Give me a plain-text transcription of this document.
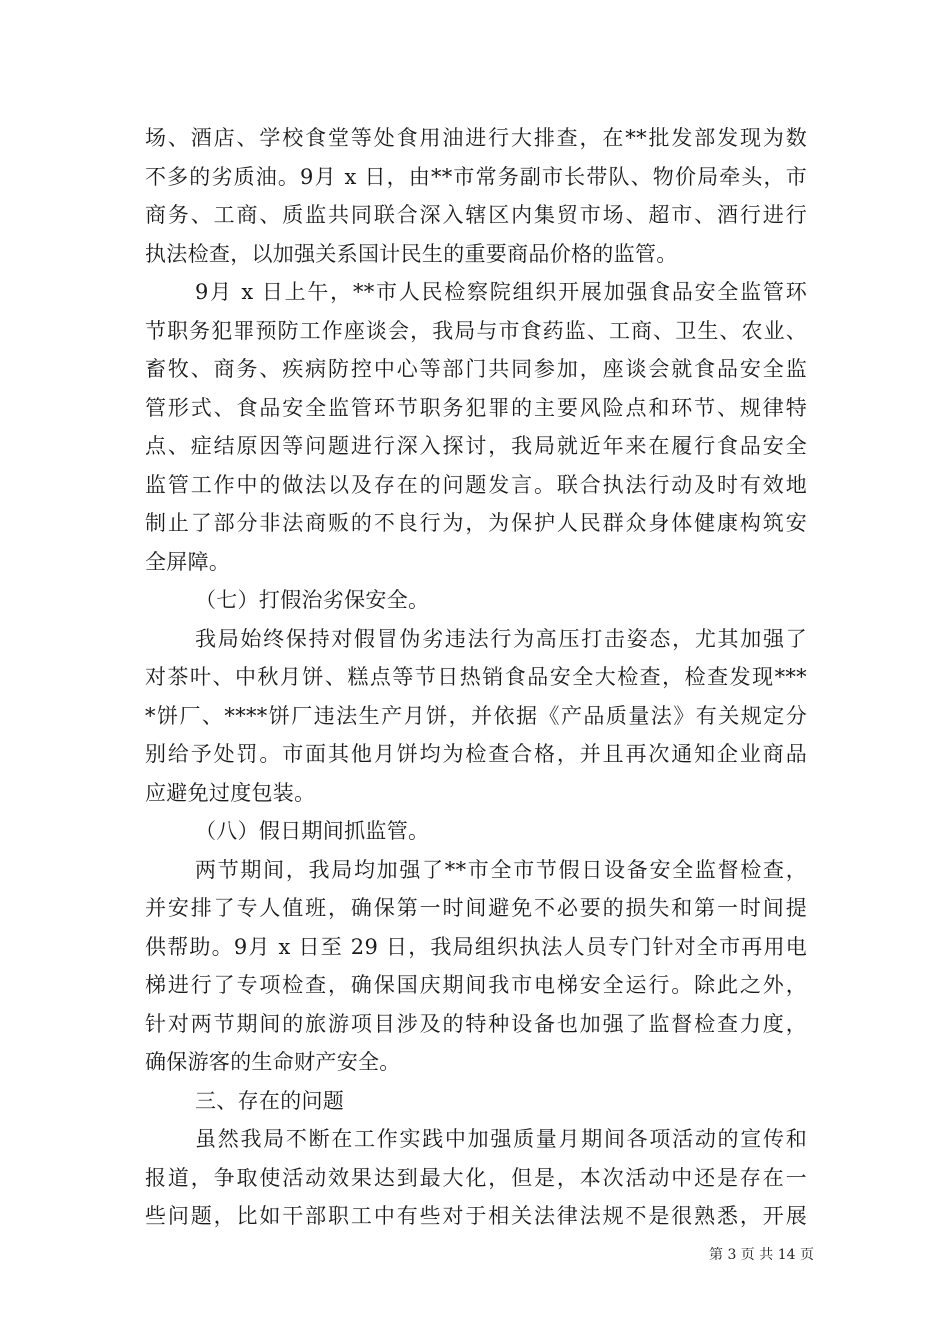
场、酒店、学校食堂等处食用油进行大排查，在**批发部发现为数
不多的劣质油。9月 x 日，由**市常务副市长带队、物价局牵头，市
商务、工商、质监共同联合深入辖区内集贸市场、超市、酒行进行
执法检查，以加强关系国计民生的重要商品价格的监管。
9月 x 日上午，**市人民检察院组织开展加强食品安全监管环
节职务犯罪预防工作座谈会，我局与市食药监、工商、卫生、农业、
畜牧、商务、疾病防控中心等部门共同参加，座谈会就食品安全监
管形式、食品安全监管环节职务犯罪的主要风险点和环节、规律特
点、症结原因等问题进行深入探讨，我局就近年来在履行食品安全
监管工作中的做法以及存在的问题发言。联合执法行动及时有效地
制止了部分非法商贩的不良行为，为保护人民群众身体健康构筑安
全屏障。
（七）打假治劣保安全。
我局始终保持对假冒伪劣违法行为高压打击姿态，尤其加强了
对茶叶、中秋月饼、糕点等节日热销食品安全大检查，检查发现***
*饼厂、****饼厂违法生产月饼，并依据《产品质量法》有关规定分
别给予处罚。市面其他月饼均为检查合格，并且再次通知企业商品
应避免过度包装。
（八）假日期间抓监管。
两节期间，我局均加强了**市全市节假日设备安全监督检查，
并安排了专人值班，确保第一时间避免不必要的损失和第一时间提
供帮助。9月 x 日至 29 日，我局组织执法人员专门针对全市再用电
梯进行了专项检查，确保国庆期间我市电梯安全运行。除此之外，
针对两节期间的旅游项目涉及的特种设备也加强了监督检查力度，
确保游客的生命财产安全。
三、存在的问题
虽然我局不断在工作实践中加强质量月期间各项活动的宣传和
报道，争取使活动效果达到最大化，但是，本次活动中还是存在一
些问题，比如干部职工中有些对于相关法律法规不是很熟悉，开展
第 3 页 共 14 页
